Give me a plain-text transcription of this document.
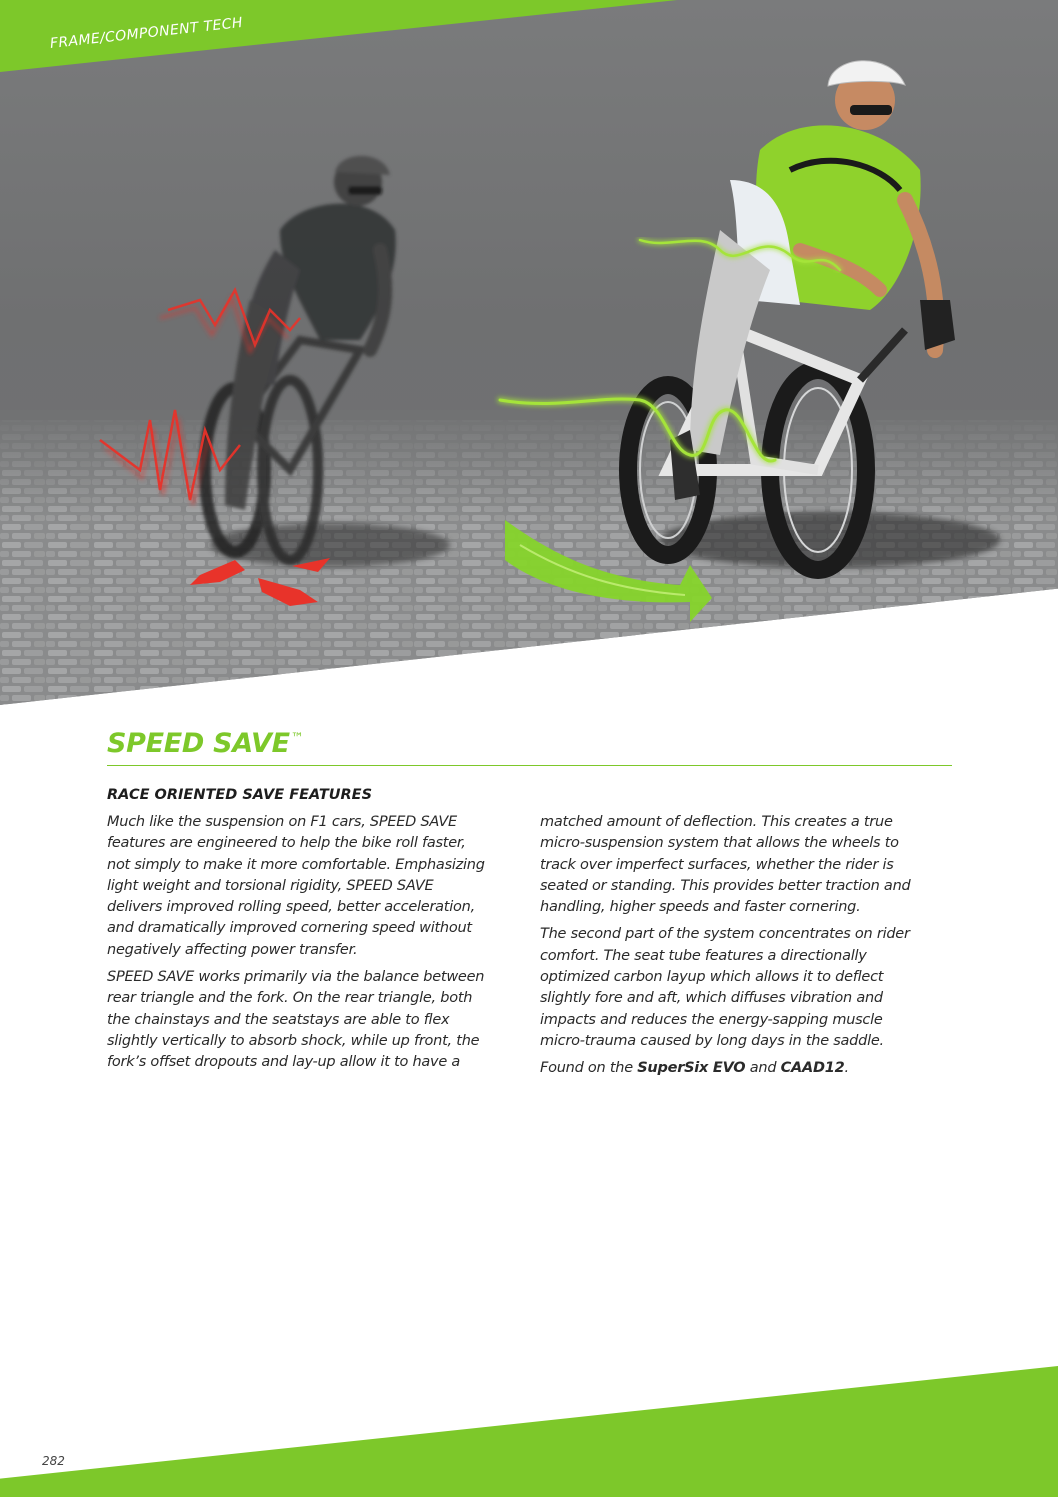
FRAME/COMPONENT TECH
SPEED SAVE™
RACE ORIENTED SAVE FEATURES

Much like the suspension on F1 cars, SPEED SAVE features are engineered to help the bike roll faster, not simply to make it more comfortable. Emphasizing light weight and torsional rigidity, SPEED SAVE delivers improved rolling speed, better acceleration, and dramatically improved cornering speed without negatively affecting power transfer.

SPEED SAVE works primarily via the balance between rear triangle and the fork. On the rear triangle, both the chainstays and the seatstays are able to flex slightly vertically to absorb shock, while up front, the fork’s offset dropouts and lay-up allow it to have a

matched amount of deflection. This creates a true micro-suspension system that allows the wheels to track over imperfect surfaces, whether the rider is seated or standing. This provides better traction and handling, higher speeds and faster cornering.

The second part of the system concentrates on rider comfort. The seat tube features a directionally optimized carbon layup which allows it to deflect slightly fore and aft, which diffuses vibration and impacts and reduces the energy-sapping muscle micro-trauma caused by long days in the saddle.

Found on the SuperSix EVO and CAAD12.

282
